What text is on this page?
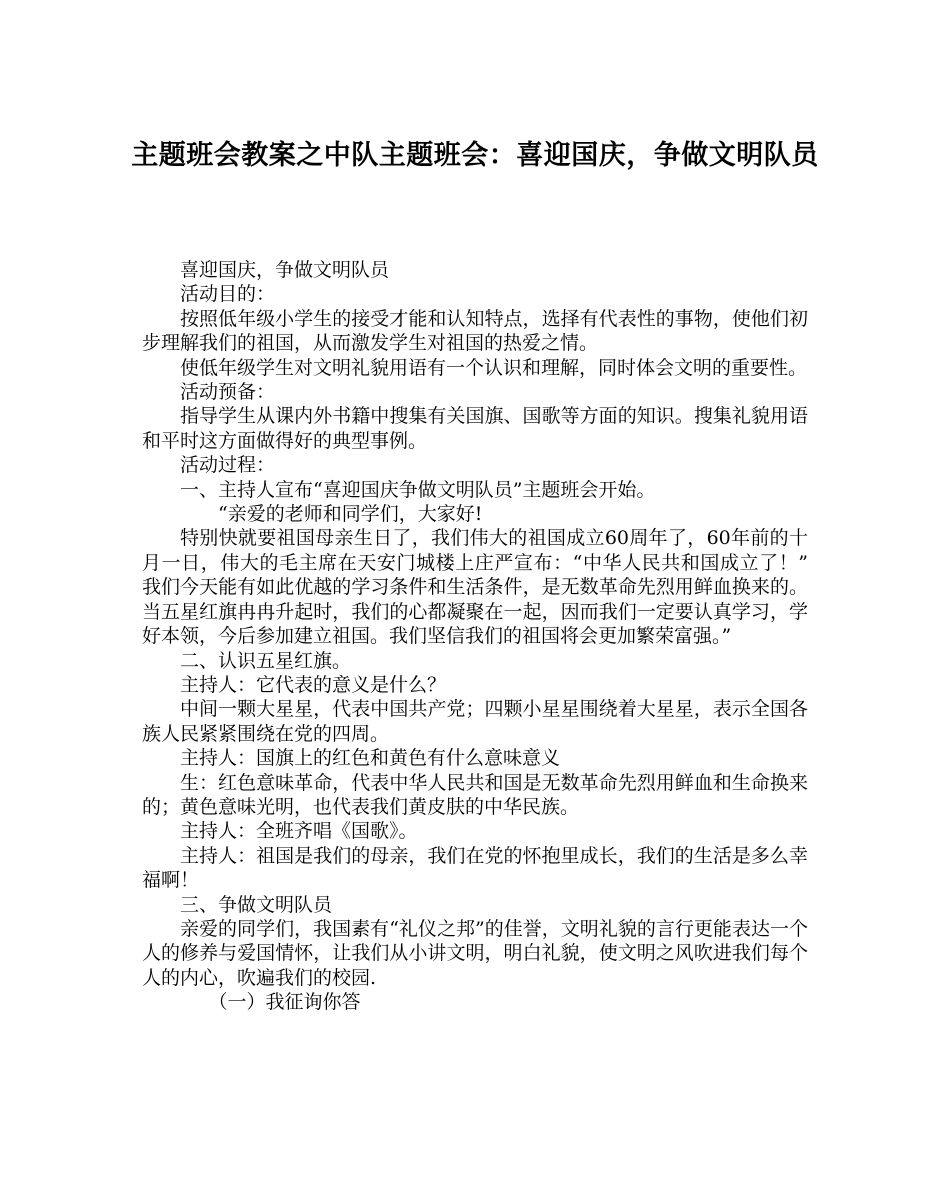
主题班会教案之中队主题班会：喜迎国庆，争做文明队员

喜迎国庆，争做文明队员

活动目的：

按照低年级小学生的接受才能和认知特点，选择有代表性的事物，使他们初步理解我们的祖国，从而激发学生对祖国的热爱之情。

使低年级学生对文明礼貌用语有一个认识和理解，同时体会文明的重要性。

活动预备：

指导学生从课内外书籍中搜集有关国旗、国歌等方面的知识。搜集礼貌用语和平时这方面做得好的典型事例。

活动过程：

一、主持人宣布“喜迎国庆争做文明队员”主题班会开始。

“亲爱的老师和同学们，大家好!

特别快就要祖国母亲生日了，我们伟大的祖国成立60周年了，60年前的十月一日，伟大的毛主席在天安门城楼上庄严宣布：“中华人民共和国成立了！” 我们今天能有如此优越的学习条件和生活条件，是无数革命先烈用鲜血换来的。当五星红旗冉冉升起时，我们的心都凝聚在一起，因而我们一定要认真学习，学好本领，今后参加建立祖国。我们坚信我们的祖国将会更加繁荣富强。”

二、认识五星红旗。

主持人：它代表的意义是什么？

中间一颗大星星，代表中国共产党；四颗小星星围绕着大星星，表示全国各族人民紧紧围绕在党的四周。

主持人：国旗上的红色和黄色有什么意味意义

生：红色意味革命，代表中华人民共和国是无数革命先烈用鲜血和生命换来的；黄色意味光明，也代表我们黄皮肤的中华民族。

主持人：全班齐唱《国歌》。

主持人：祖国是我们的母亲，我们在党的怀抱里成长，我们的生活是多么幸福啊！

三、争做文明队员

亲爱的同学们，我国素有“礼仪之邦”的佳誉，文明礼貌的言行更能表达一个人的修养与爱国情怀，让我们从小讲文明，明白礼貌，使文明之风吹进我们每个人的内心，吹遍我们的校园.

（一）我征询你答
